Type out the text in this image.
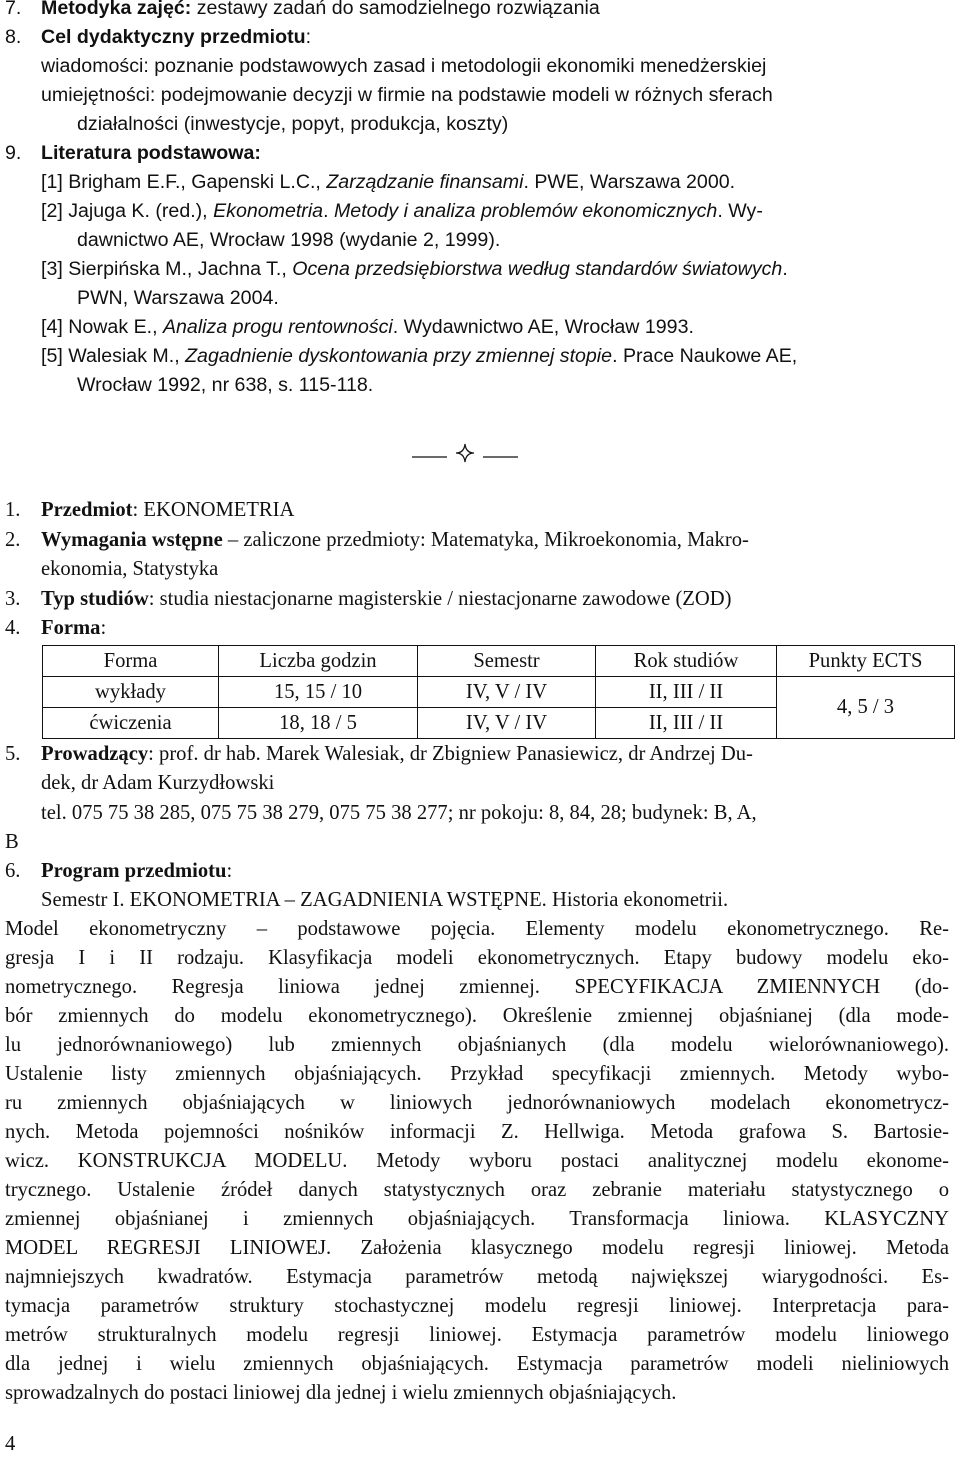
7. Metodyka zajęć: zestawy zadań do samodzielnego rozwiązania
8. Cel dydaktyczny przedmiotu:
wiadomości: poznanie podstawowych zasad i metodologii ekonomiki menedżerskiej
umiejętności: podejmowanie decyzji w firmie na podstawie modeli w różnych sferach
działalności (inwestycje, popyt, produkcja, koszty)
9. Literatura podstawowa:
[1] Brigham E.F., Gapenski L.C., Zarządzanie finansami. PWE, Warszawa 2000.
[2] Jajuga K. (red.), Ekonometria. Metody i analiza problemów ekonomicznych. Wy-
dawnictwo AE, Wrocław 1998 (wydanie 2, 1999).
[3] Sierpińska M., Jachna T., Ocena przedsiębiorstwa według standardów światowych.
PWN, Warszawa 2004.
[4] Nowak E., Analiza progu rentowności. Wydawnictwo AE, Wrocław 1993.
[5] Walesiak M., Zagadnienie dyskontowania przy zmiennej stopie. Prace Naukowe AE,
Wrocław 1992, nr 638, s. 115-118.
1. Przedmiot: EKONOMETRIA
2. Wymagania wstępne – zaliczone przedmioty: Matematyka, Mikroekonomia, Makro-
ekonomia, Statystyka
3. Typ studiów: studia niestacjonarne magisterskie / niestacjonarne zawodowe (ZOD)
4. Forma:
Forma	Liczba godzin	Semestr	Rok studiów	Punkty ECTS
wykłady	15, 15 / 10	IV, V / IV	II, III / II	4, 5 / 3
ćwiczenia	18, 18 / 5	IV, V / IV	II, III / II	
5. Prowadzący: prof. dr hab. Marek Walesiak, dr Zbigniew Panasiewicz, dr Andrzej Du-
dek, dr Adam Kurzydłowski
tel. 075 75 38 285, 075 75 38 279, 075 75 38 277; nr pokoju: 8, 84, 28; budynek: B, A,
B
6. Program przedmiotu:
Semestr I. EKONOMETRIA – ZAGADNIENIA WSTĘPNE. Historia ekonometrii.
Model ekonometryczny – podstawowe pojęcia. Elementy modelu ekonometrycznego. Re-
gresja I i II rodzaju. Klasyfikacja modeli ekonometrycznych. Etapy budowy modelu eko-
nometrycznego. Regresja liniowa jednej zmiennej. SPECYFIKACJA ZMIENNYCH (do-
bór zmiennych do modelu ekonometrycznego). Określenie zmiennej objaśnianej (dla mode-
lu jednorównaniowego) lub zmiennych objaśnianych (dla modelu wielorównaniowego).
Ustalenie listy zmiennych objaśniających. Przykład specyfikacji zmiennych. Metody wybo-
ru zmiennych objaśniających w liniowych jednorównaniowych modelach ekonometrycz-
nych. Metoda pojemności nośników informacji Z. Hellwiga. Metoda grafowa S. Bartosie-
wicz. KONSTRUKCJA MODELU. Metody wyboru postaci analitycznej modelu ekonome-
trycznego. Ustalenie źródeł danych statystycznych oraz zebranie materiału statystycznego o
zmiennej objaśnianej i zmiennych objaśniających. Transformacja liniowa. KLASYCZNY
MODEL REGRESJI LINIOWEJ. Założenia klasycznego modelu regresji liniowej. Metoda
najmniejszych kwadratów. Estymacja parametrów metodą największej wiarygodności. Es-
tymacja parametrów struktury stochastycznej modelu regresji liniowej. Interpretacja para-
metrów strukturalnych modelu regresji liniowej. Estymacja parametrów modelu liniowego
dla jednej i wielu zmiennych objaśniających. Estymacja parametrów modeli nieliniowych
sprowadzalnych do postaci liniowej dla jednej i wielu zmiennych objaśniających.
4
